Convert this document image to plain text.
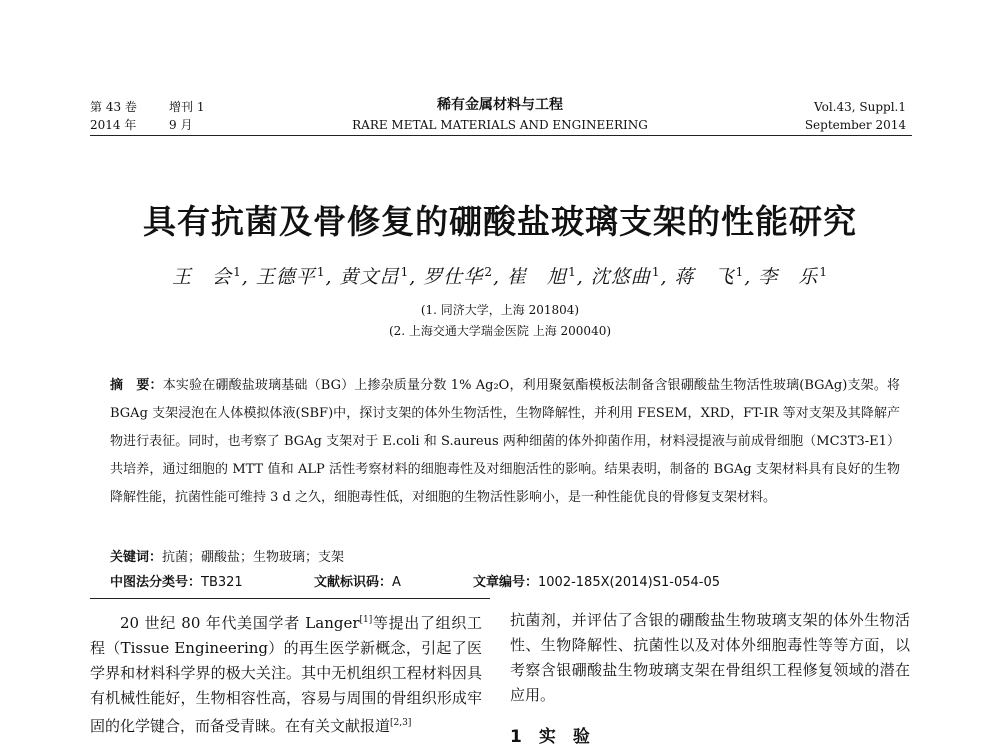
第 43 卷	增刊 1
2014 年	9 月
稀有金属材料与工程
RARE METAL MATERIALS AND ENGINEERING
Vol.43, Suppl.1
September 2014
具有抗菌及骨修复的硼酸盐玻璃支架的性能研究
王　会$^1$, 王德平$^1$, 黄文旵$^1$, 罗仕华$^2$, 崔　旭$^1$, 沈悠曲$^1$, 蒋　飞$^1$, 李　乐$^1$
(1. 同济大学，上海 201804)
(2. 上海交通大学瑞金医院 上海 200040)
摘　要：本实验在硼酸盐玻璃基础（BG）上掺杂质量分数 1% Ag₂O，利用聚氨酯模板法制备含银硼酸盐生物活性玻璃(BGAg)支架。将 BGAg 支架浸泡在人体模拟体液(SBF)中，探讨支架的体外生物活性，生物降解性，并利用 FESEM，XRD，FT-IR 等对支架及其降解产物进行表征。同时，也考察了 BGAg 支架对于 E.coli 和 S.aureus 两种细菌的体外抑菌作用，材料浸提液与前成骨细胞（MC3T3-E1）共培养，通过细胞的 MTT 值和 ALP 活性考察材料的细胞毒性及对细胞活性的影响。结果表明，制备的 BGAg 支架材料具有良好的生物降解性能，抗菌性能可维持 3 d 之久，细胞毒性低，对细胞的生物活性影响小，是一种性能优良的骨修复支架材料。
关键词：抗菌；硼酸盐；生物玻璃；支架
中图法分类号：TB321	文献标识码：A	文章编号：1002-185X(2014)S1-054-05
20 世纪 80 年代美国学者 Langer[1]等提出了组织工程（Tissue Engineering）的再生医学新概念，引起了医学界和材料科学界的极大关注。其中无机组织工程材料因具有机械性能好，生物相容性高，容易与周围的骨组织形成牢固的化学键合，而备受青睐。在有关文献报道[2,3]
抗菌剂，并评估了含银的硼酸盐生物玻璃支架的体外生物活性、生物降解性、抗菌性以及对体外细胞毒性等等方面，以考察含银硼酸盐生物玻璃支架在骨组织工程修复领域的潜在应用。
1　实　验
